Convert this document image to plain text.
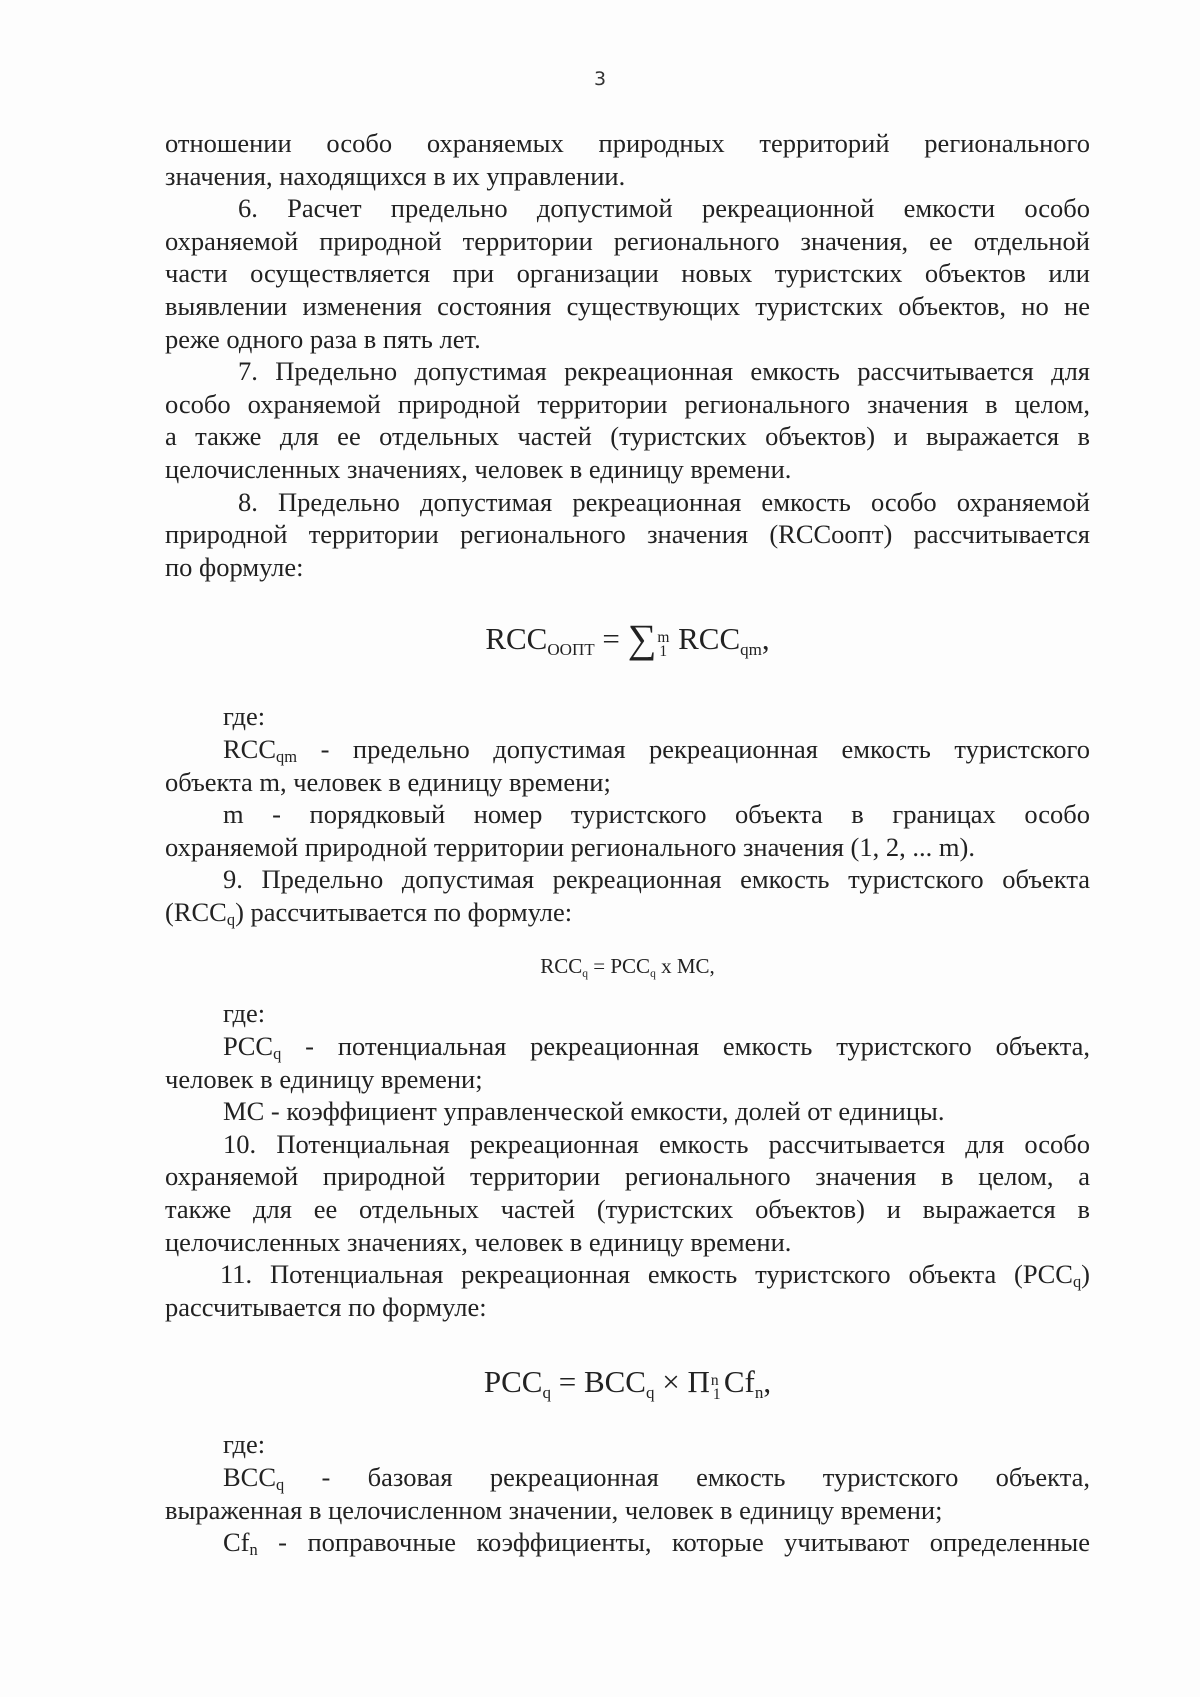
3
отношении особо охраняемых природных территорий регионального
значения, находящихся в их управлении.
6. Расчет предельно допустимой рекреационной емкости особо
охраняемой природной территории регионального значения, ее отдельной
части осуществляется при организации новых туристских объектов или
выявлении изменения состояния существующих туристских объектов, но не
реже одного раза в пять лет.
7. Предельно допустимая рекреационная емкость рассчитывается для
особо охраняемой природной территории регионального значения в целом,
а также для ее отдельных частей (туристских объектов) и выражается в
целочисленных значениях, человек в единицу времени.
8. Предельно допустимая рекреационная емкость особо охраняемой
природной территории регионального значения (RCCоопт) рассчитывается
по формуле:
$RCC_{ООПТ}$ = ∑ m
1 $RCC_{qm}$,
где:
RCCqm - предельно допустимая рекреационная емкость туристского
объекта m, человек в единицу времени;
m - порядковый номер туристского объекта в границах особо
охраняемой природной территории регионального значения (1, 2, ... m).
9. Предельно допустимая рекреационная емкость туристского объекта
(RCCq) рассчитывается по формуле:
$RCC_q = PCC_q$ x MC,
где:
PCCq - потенциальная рекреационная емкость туристского объекта,
человек в единицу времени;
MC - коэффициент управленческой емкости, долей от единицы.
10. Потенциальная рекреационная емкость рассчитывается для особо
охраняемой природной территории регионального значения в целом, а
также для ее отдельных частей (туристских объектов) и выражается в
целочисленных значениях, человек в единицу времени.
11. Потенциальная рекреационная емкость туристского объекта (PCCq)
рассчитывается по формуле:
$PCC_q = BCC_q \times \Pi$ n
1 $Cf_n$,
где:
BCCq - базовая рекреационная емкость туристского объекта,
выраженная в целочисленном значении, человек в единицу времени;
Cfn - поправочные коэффициенты, которые учитывают определенные
